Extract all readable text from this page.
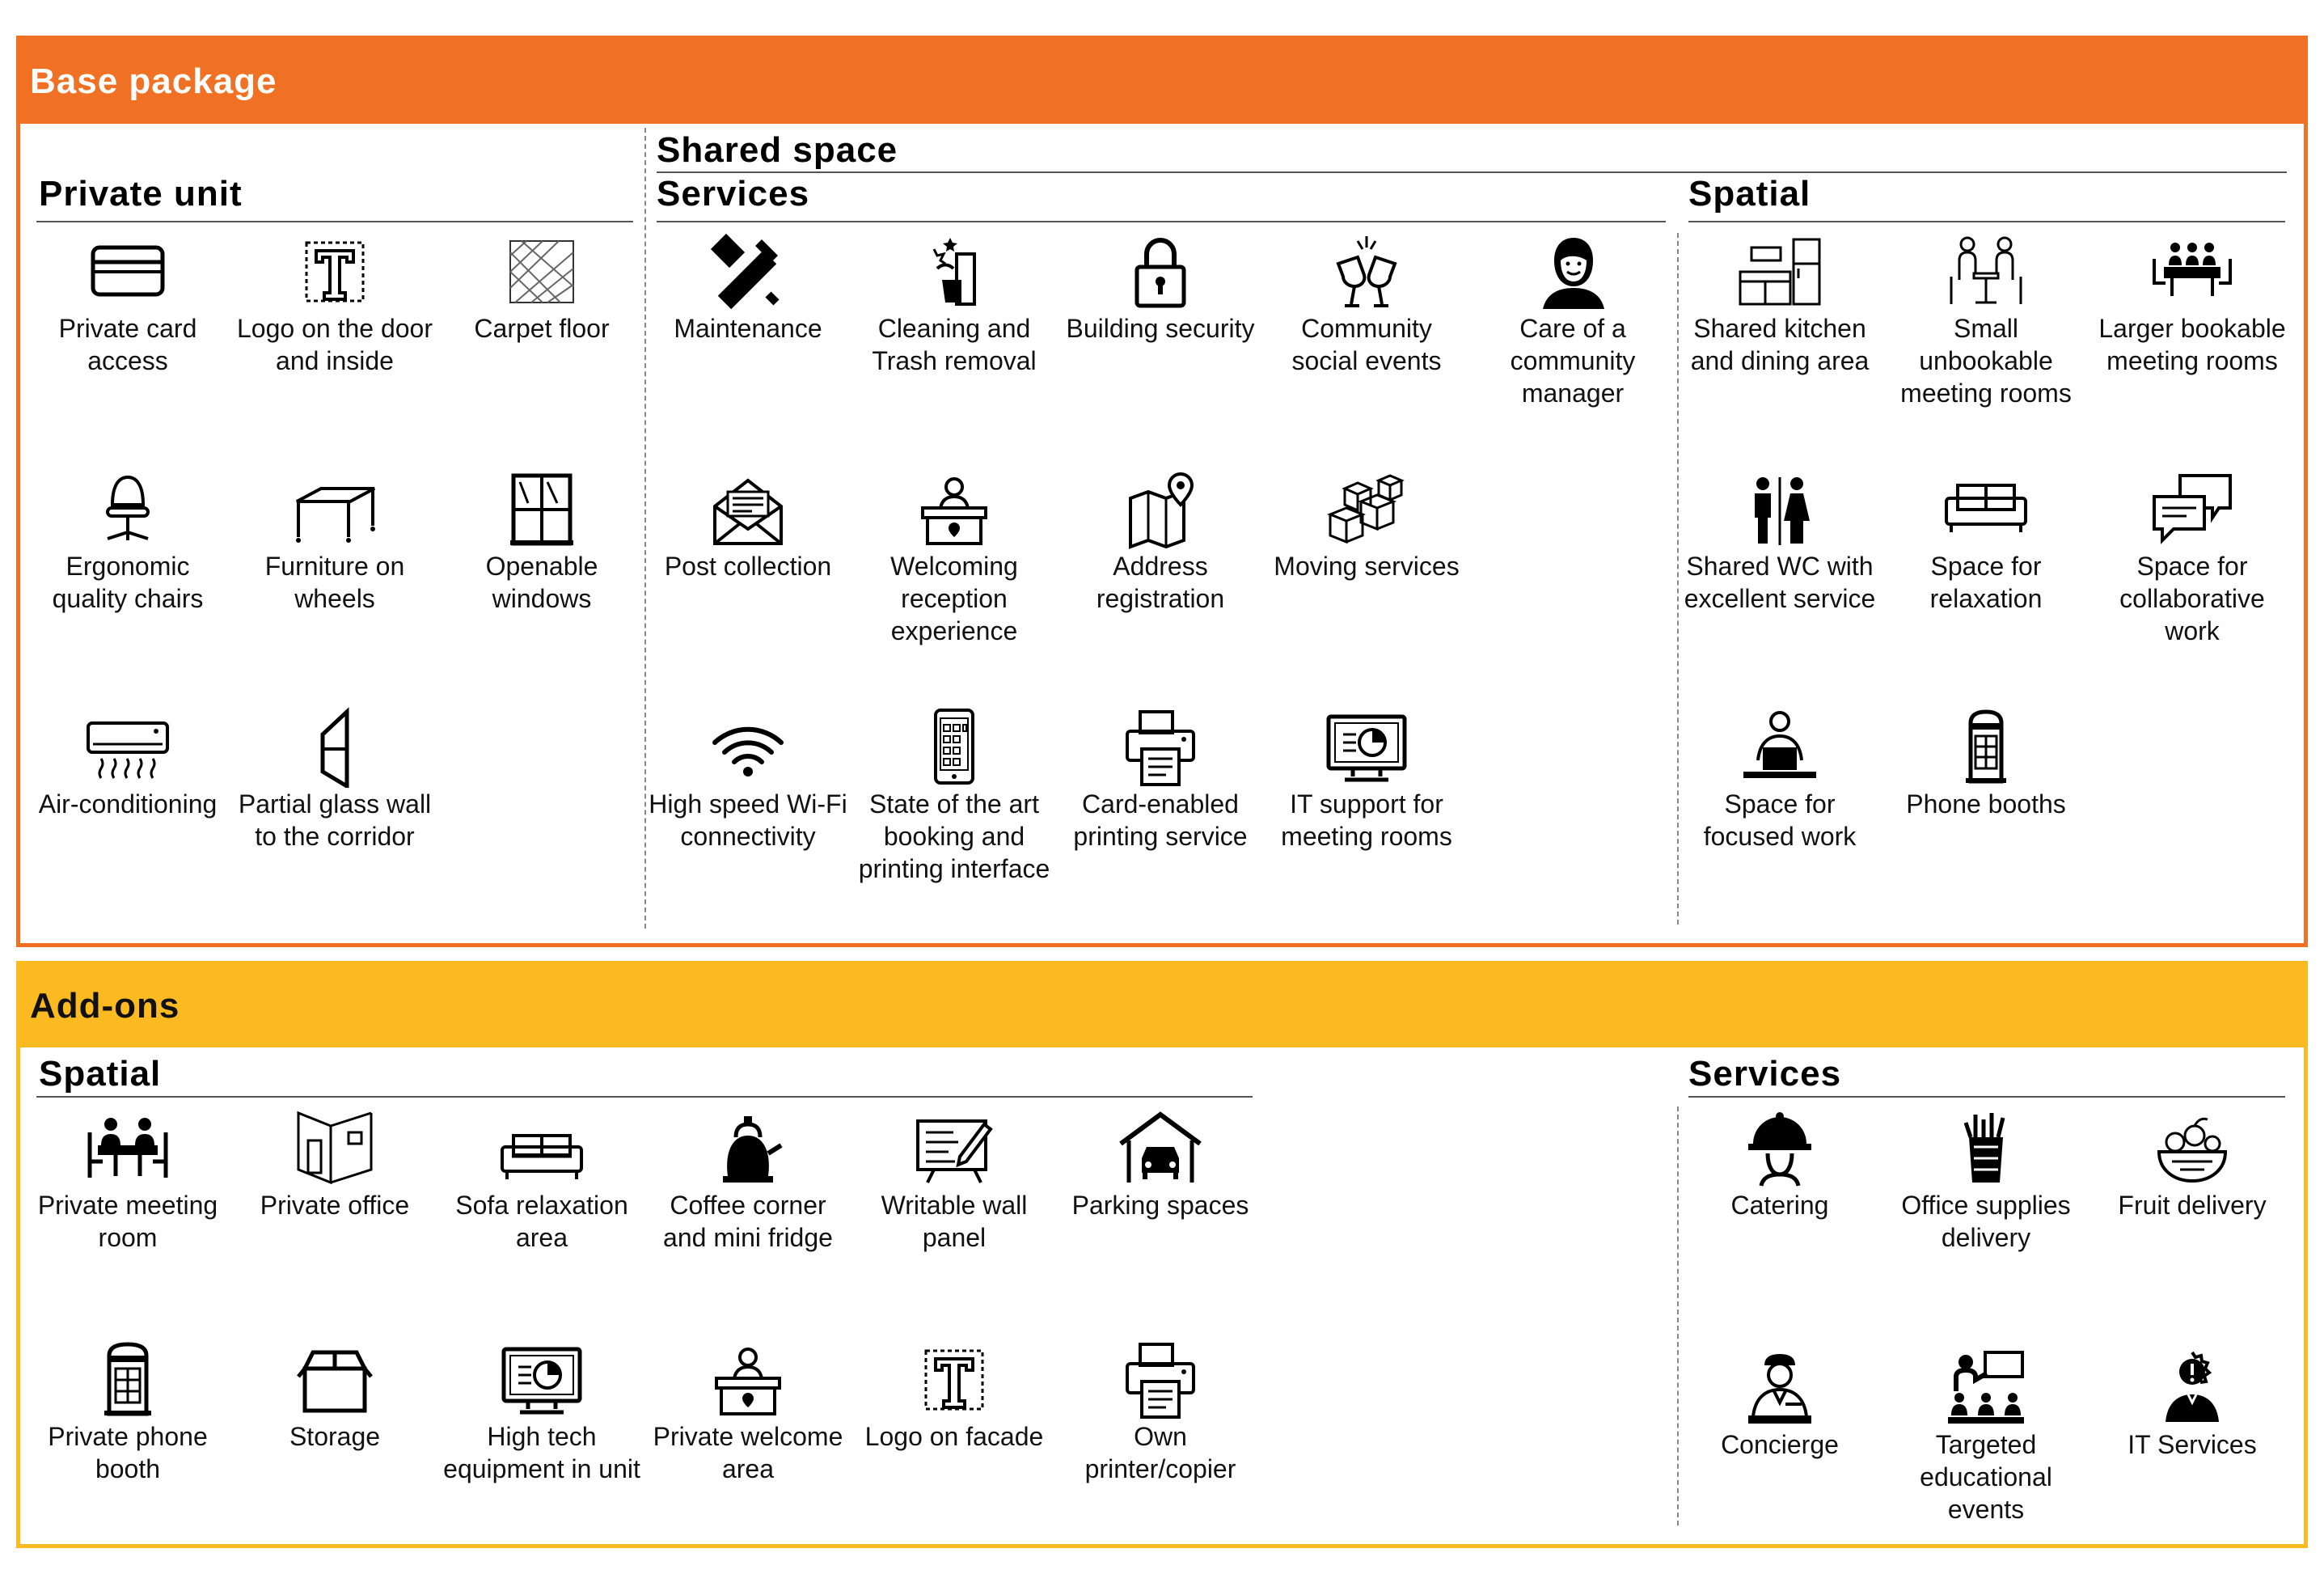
Base package
Private unit
Shared space
Services	Spatial
Private card access
Logo on the door and inside
Carpet floor
Ergonomic quality chairs
Furniture on wheels
Openable windows
Air-conditioning Partial glass wall to the corridor
Maintenance	Cleaning and Trash removal
Building security	Community social events
Care of a community manager
Post collection	Welcoming reception experience
Address registration
Moving services
High speed Wi-Fi connectivity
State of the art booking and printing interface
Card-enabled printing service
IT support for meeting rooms
Shared kitchen and dining area
Small unbookable meeting rooms
Larger bookable meeting rooms
Shared WC with excellent service
Space for relaxation
Space for collaborative work
Space for focused work
Phone booths
Add-ons
Spatial	Services
Private meeting room
Private office	Sofa relaxation area
Coffee corner and mini fridge
Writable wall panel
Parking spaces
Private phone booth
Storage	High tech equipment in unit
Private welcome area
Logo on facade	Own printer/copier
Catering	Office supplies delivery
Fruit delivery
Concierge	Targeted educational events
IT Services
